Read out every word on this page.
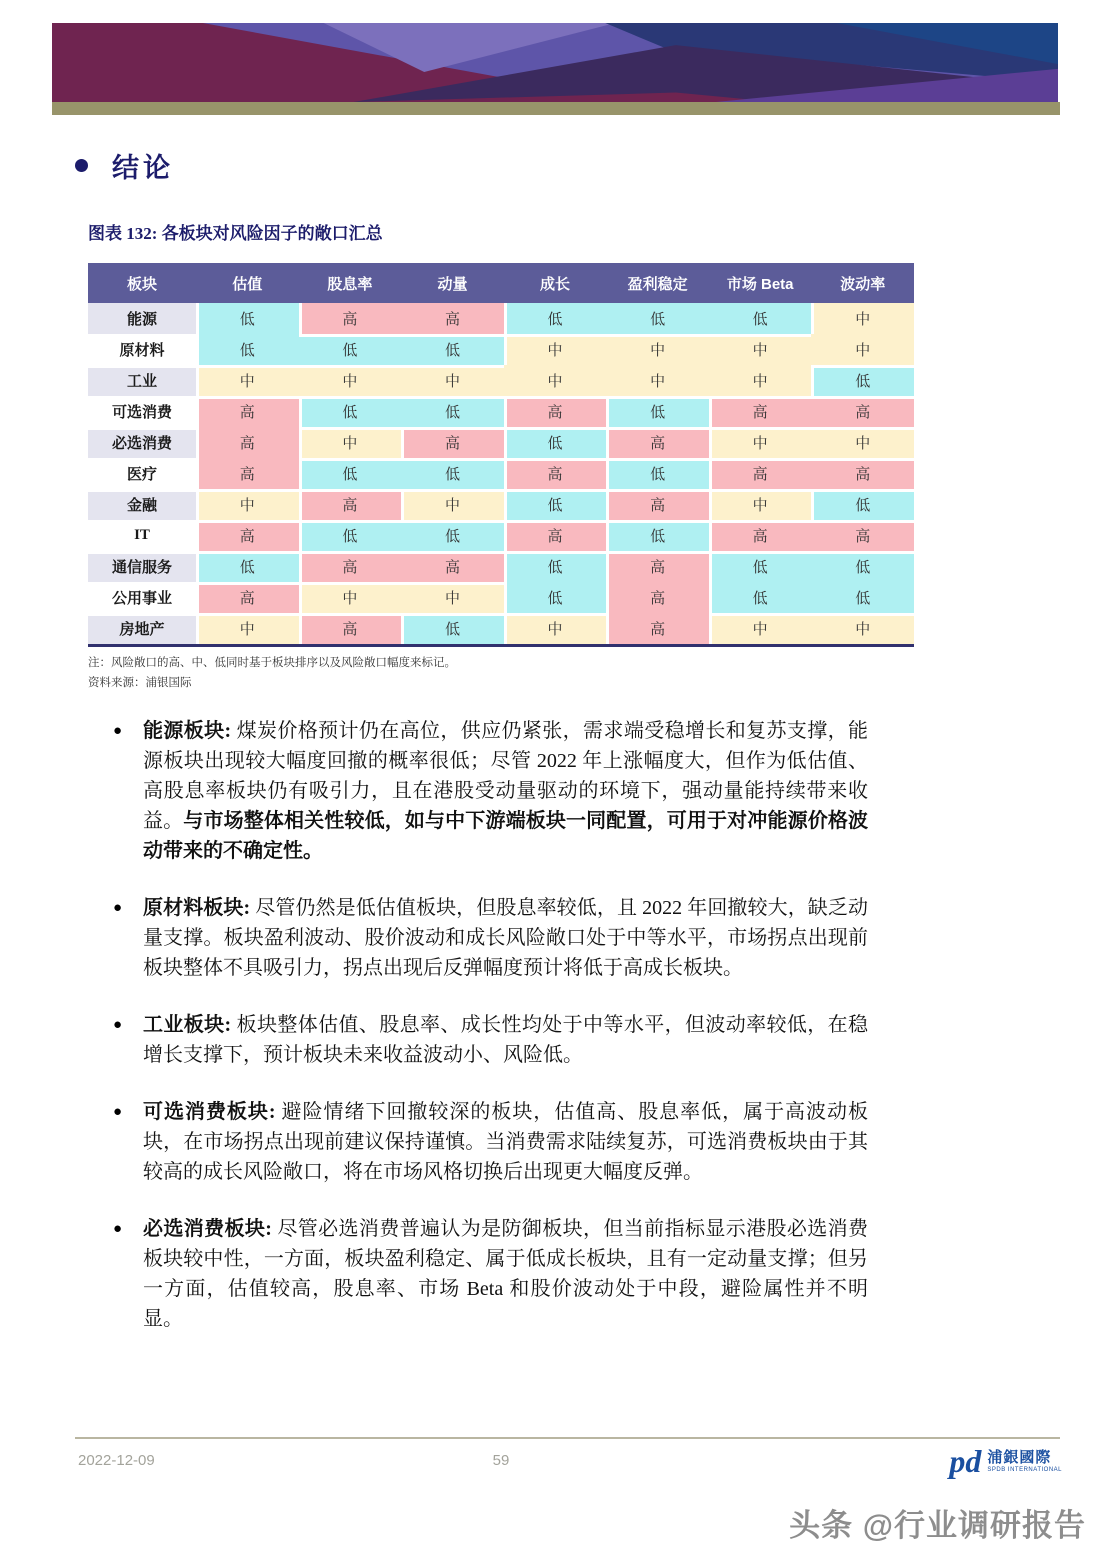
结论
图表 132: 各板块对风险因子的敞口汇总
板块	估值	股息率	动量	成长	盈利稳定	市场 Beta	波动率
能源	低	高	高	低	低	低	中
原材料	低	低	低	中	中	中	中
工业	中	中	中	中	中	中	低
可选消费	高	低	低	高	低	高	高
必选消费	高	中	高	低	高	中	中
医疗	高	低	低	高	低	高	高
金融	中	高	中	低	高	中	低
IT	高	低	低	高	低	高	高
通信服务	低	高	高	低	高	低	低
公用事业	高	中	中	低	高	低	低
房地产	中	高	低	中	高	中	中
注：风险敞口的高、中、低同时基于板块排序以及风险敞口幅度来标记。
资料来源：浦银国际
●	能源板块: 煤炭价格预计仍在高位，供应仍紧张，需求端受稳增长和复苏支撑，能源板块出现较大幅度回撤的概率很低；尽管 2022 年上涨幅度大，但作为低估值、高股息率板块仍有吸引力，且在港股受动量驱动的环境下，强动量能持续带来收益。与市场整体相关性较低，如与中下游端板块一同配置，可用于对冲能源价格波动带来的不确定性。
●	原材料板块: 尽管仍然是低估值板块，但股息率较低，且 2022 年回撤较大，缺乏动量支撑。板块盈利波动、股价波动和成长风险敞口处于中等水平，市场拐点出现前板块整体不具吸引力，拐点出现后反弹幅度预计将低于高成长板块。
●	工业板块: 板块整体估值、股息率、成长性均处于中等水平，但波动率较低，在稳增长支撑下，预计板块未来收益波动小、风险低。
●	可选消费板块: 避险情绪下回撤较深的板块，估值高、股息率低，属于高波动板块，在市场拐点出现前建议保持谨慎。当消费需求陆续复苏，可选消费板块由于其较高的成长风险敞口，将在市场风格切换后出现更大幅度反弹。
●	必选消费板块: 尽管必选消费普遍认为是防御板块，但当前指标显示港股必选消费板块较中性，一方面，板块盈利稳定、属于低成长板块，且有一定动量支撑；但另一方面，估值较高，股息率、市场 Beta 和股价波动处于中段，避险属性并不明显。
2022-12-09	59	pd 浦銀國際
SPDB INTERNATIONAL
头条 @行业调研报告
